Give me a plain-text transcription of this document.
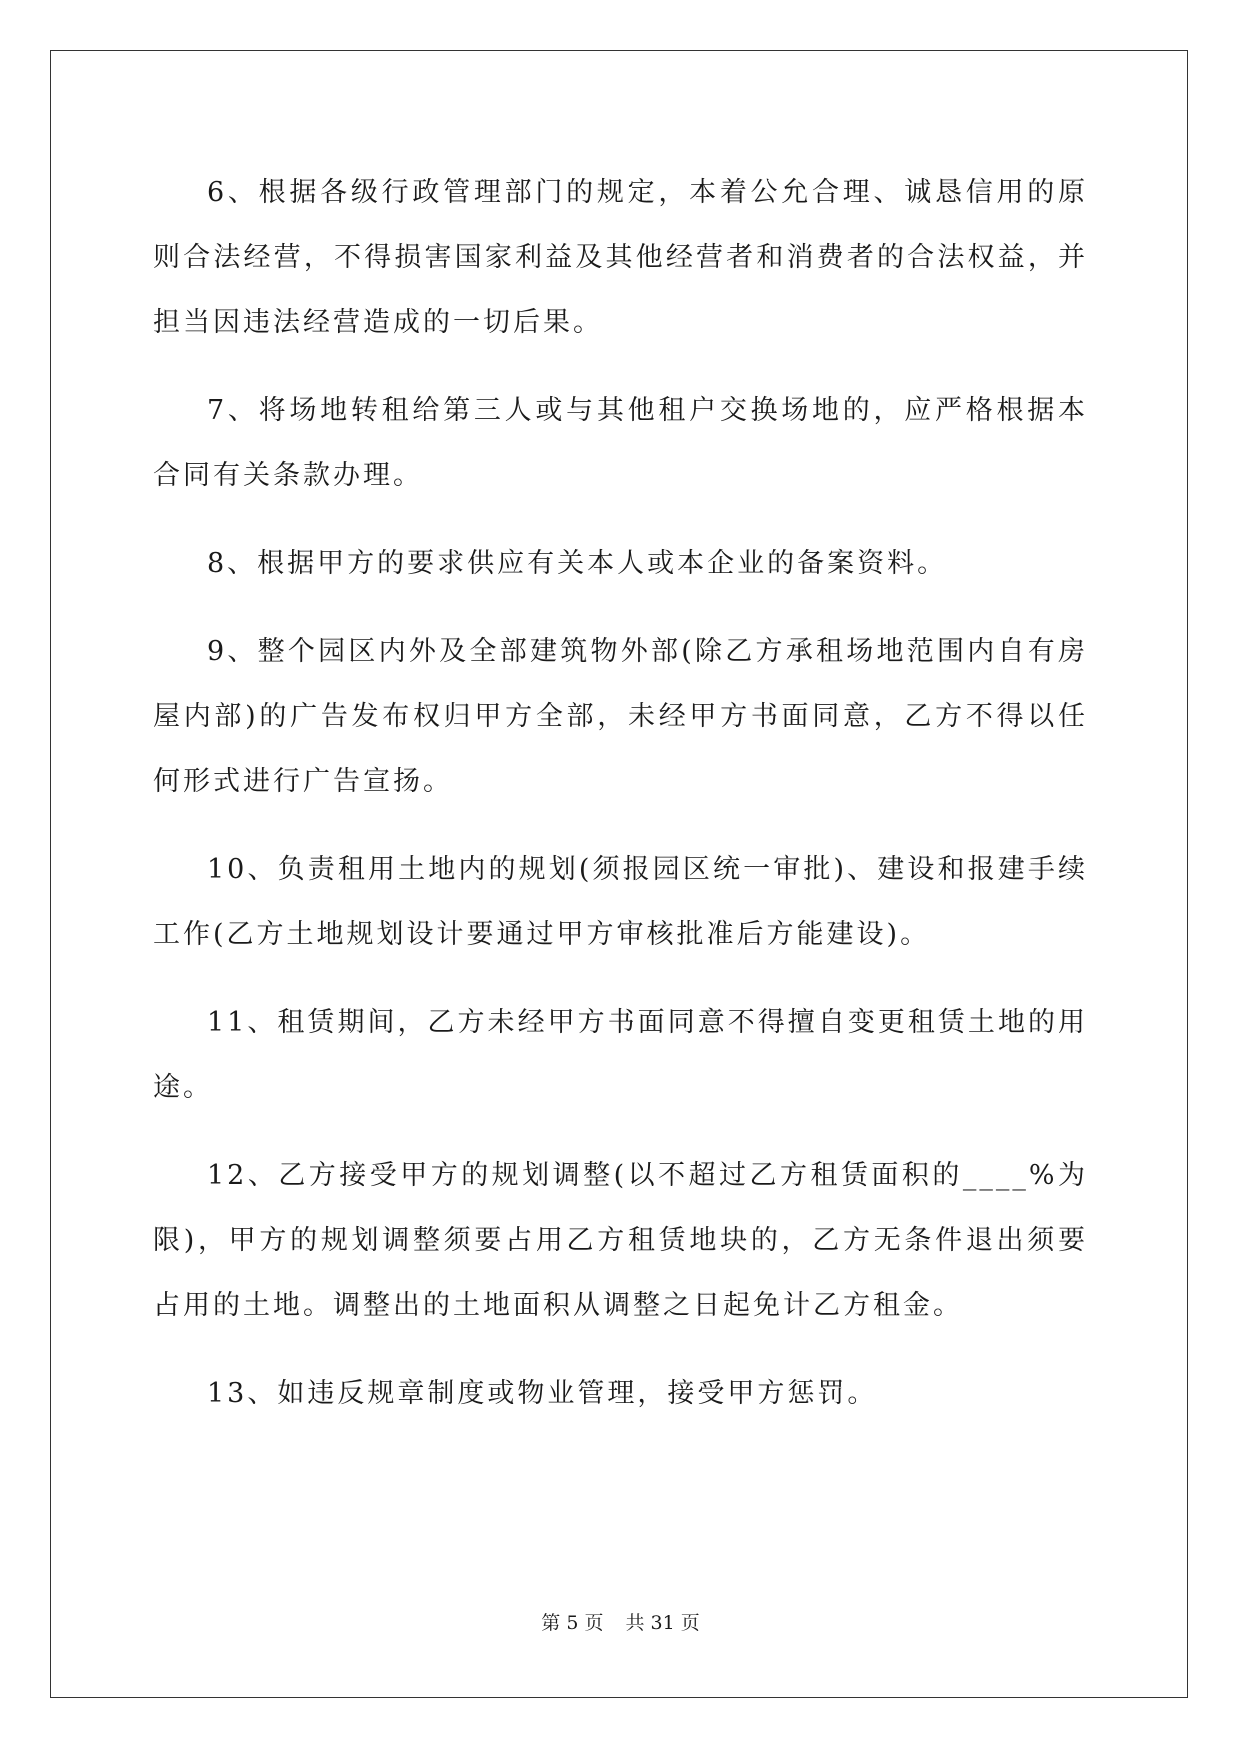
6、根据各级行政管理部门的规定，本着公允合理、诚恳信用的原则合法经营，不得损害国家利益及其他经营者和消费者的合法权益，并担当因违法经营造成的一切后果。

7、将场地转租给第三人或与其他租户交换场地的，应严格根据本合同有关条款办理。

8、根据甲方的要求供应有关本人或本企业的备案资料。

9、整个园区内外及全部建筑物外部(除乙方承租场地范围内自有房屋内部)的广告发布权归甲方全部，未经甲方书面同意，乙方不得以任何形式进行广告宣扬。

10、负责租用土地内的规划(须报园区统一审批)、建设和报建手续工作(乙方土地规划设计要通过甲方审核批准后方能建设)。

11、租赁期间，乙方未经甲方书面同意不得擅自变更租赁土地的用途。

12、乙方接受甲方的规划调整(以不超过乙方租赁面积的____%为限)，甲方的规划调整须要占用乙方租赁地块的，乙方无条件退出须要占用的土地。调整出的土地面积从调整之日起免计乙方租金。

13、如违反规章制度或物业管理，接受甲方惩罚。

第 5 页 共 31 页
